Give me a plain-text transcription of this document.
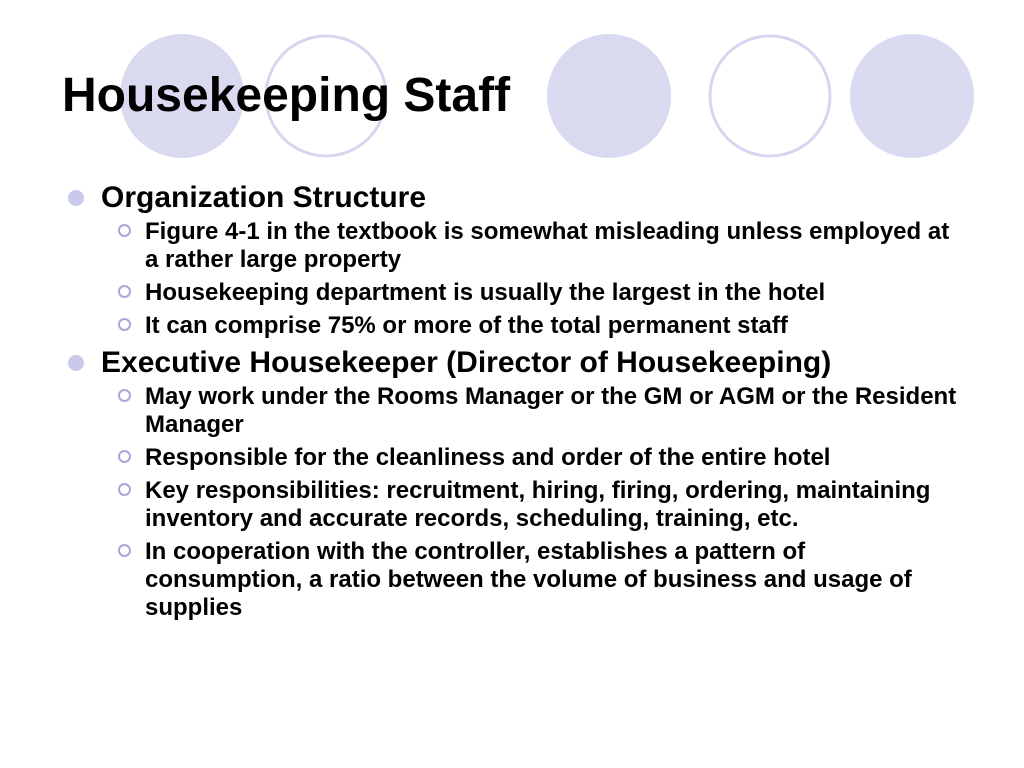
Housekeeping Staff
Organization Structure
Figure 4-1 in the textbook is somewhat misleading unless employed at a rather large property
Housekeeping department is usually the largest in the hotel
It can comprise 75% or more of the total permanent staff
Executive Housekeeper (Director of Housekeeping)
May work under the Rooms Manager or the GM or AGM or the Resident Manager
Responsible for the cleanliness and order of the entire hotel
Key responsibilities: recruitment, hiring, firing, ordering, maintaining inventory and accurate records, scheduling, training, etc.
In cooperation with the controller, establishes a pattern of consumption, a ratio between the volume of business and usage of supplies
